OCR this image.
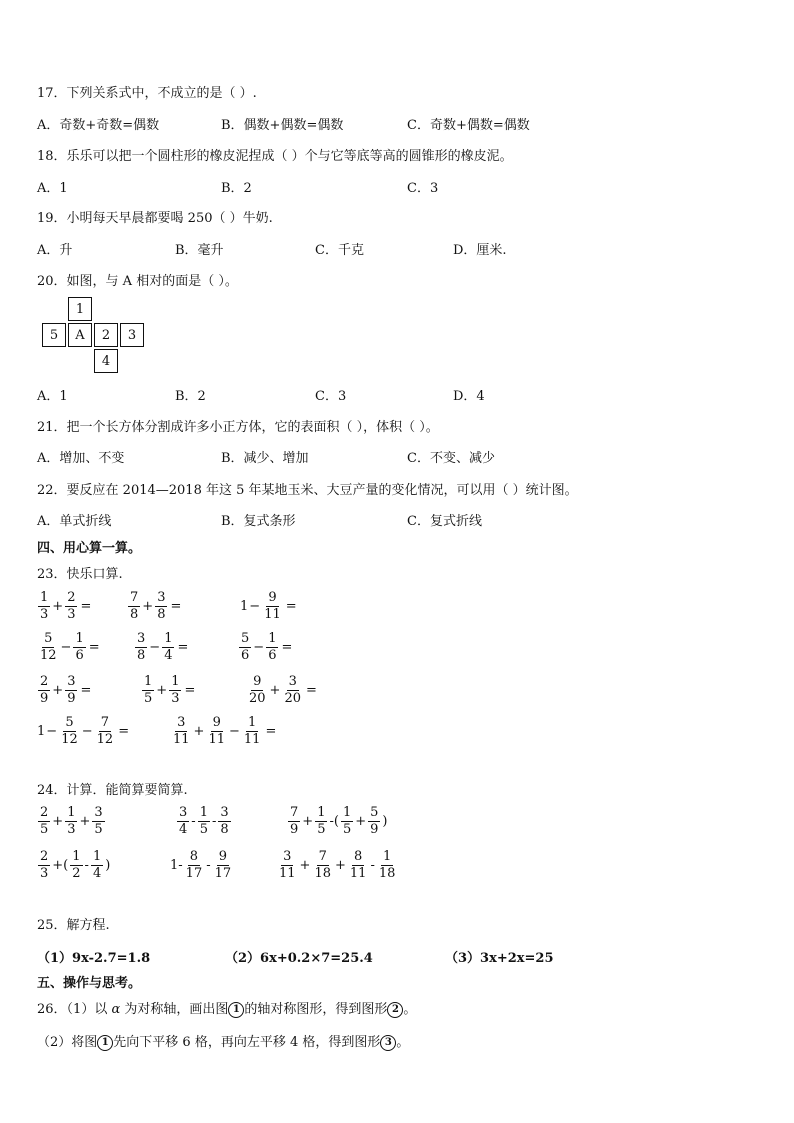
17．下列关系式中，不成立的是（ ）.
A．奇数+奇数=偶数	B．偶数+偶数=偶数	C．奇数+偶数=偶数
18．乐乐可以把一个圆柱形的橡皮泥捏成（ ）个与它等底等高的圆锥形的橡皮泥。
A．1	B．2	C．3
19．小明每天早晨都要喝 250（ ）牛奶.
A．升	B．毫升	C．千克	D．厘米.
20．如图，与 A 相对的面是（ ）。
1
5	A	2	3
4
A．1	B．2	C．3	D．4
21．把一个长方体分割成许多小正方体，它的表面积（ ），体积（ ）。
A．增加、不变	B．减少、增加	C．不变、减少
22．要反应在 2014—2018 年这 5 年某地玉米、大豆产量的变化情况，可以用（ ）统计图。
A．单式折线	B．复式条形	C．复式折线
四、用心算一算。
23．快乐口算.
$\frac{1}{3} + \frac{2}{3}$ =	$\frac{7}{8} + \frac{3}{8}$ =	$1 - \frac{9}{11}$ =
$\frac{5}{12} - \frac{1}{6}$ =	$\frac{3}{8} - \frac{1}{4}$ =	$\frac{5}{6} - \frac{1}{6}$ =
$\frac{2}{9} + \frac{3}{9}$ =	$\frac{1}{5} + \frac{1}{3}$ =	$\frac{9}{20} + \frac{3}{20}$ =
$1 - \frac{5}{12} - \frac{7}{12}$ =	$\frac{3}{11} + \frac{9}{11} - \frac{1}{11}$ =
24．计算．能简算要简算.
$\frac{2}{5} + \frac{1}{3} + \frac{3}{5}$	$\frac{3}{4} - \frac{1}{5} - \frac{3}{8}$	$\frac{7}{9} + \frac{1}{5}$ -( $\frac{1}{5} + \frac{5}{9}$ )
$\frac{2}{3}$ +( $\frac{1}{2} - \frac{1}{4}$ )	$1- \frac{8}{17} - \frac{9}{17}$	$\frac{3}{11} + \frac{7}{18} + \frac{8}{11} - \frac{1}{18}$
25．解方程.
（1）9x-2.7=1.8	（2）6x+0.2×7=25.4	（3）3x+2x=25
五、操作与思考。
26．（1）以 α 为对称轴，画出图 1 的轴对称图形，得到图形 2 。
（2）将图 1 先向下平移 6 格，再向左平移 4 格，得到图形 3 。
